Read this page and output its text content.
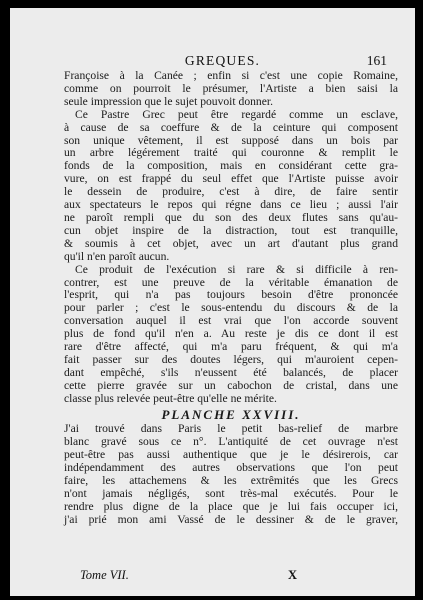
GREQUES.	161
Françoise à la Canée ; enfin si c'est une copie Romaine,
comme on pourroit le présumer, l'Artiste a bien saisi la
seule impression que le sujet pouvoit donner.
Ce Pastre Grec peut être regardé comme un esclave,
à cause de sa coeffure & de la ceinture qui composent
son unique vêtement, il est supposé dans un bois par
un arbre légérement traité qui couronne & remplit le
fonds de la composition, mais en considérant cette gra-
vure, on est frappé du seul effet que l'Artiste puisse avoir
le dessein de produire, c'est à dire, de faire sentir
aux spectateurs le repos qui régne dans ce lieu ; aussi l'air
ne paroît rempli que du son des deux flutes sans qu'au-
cun objet inspire de la distraction, tout est tranquille,
& soumis à cet objet, avec un art d'autant plus grand
qu'il n'en paroît aucun.
Ce produit de l'exécution si rare & si difficile à ren-
contrer, est une preuve de la véritable émanation de
l'esprit, qui n'a pas toujours besoin d'être prononcée
pour parler ; c'est le sous-entendu du discours & de la
conversation auquel il est vrai que l'on accorde souvent
plus de fond qu'il n'en a. Au reste je dis ce dont il est
rare d'être affecté, qui m'a paru fréquent, & qui m'a
fait passer sur des doutes légers, qui m'auroient cepen-
dant empêché, s'ils n'eussent été balancés, de placer
cette pierre gravée sur un cabochon de cristal, dans une
classe plus relevée peut-être qu'elle ne mérite.
PLANCHE XXVIII.
J'ai trouvé dans Paris le petit bas-relief de marbre
blanc gravé sous ce n°. L'antiquité de cet ouvrage n'est
peut-être pas aussi authentique que je le désirerois, car
indépendamment des autres observations que l'on peut
faire, les attachemens & les extrêmités que les Grecs
n'ont jamais négligés, sont très-mal exécutés. Pour le
rendre plus digne de la place que je lui fais occuper ici,
j'ai prié mon ami Vassé de le dessiner & de le graver,
Tome VII.	X
